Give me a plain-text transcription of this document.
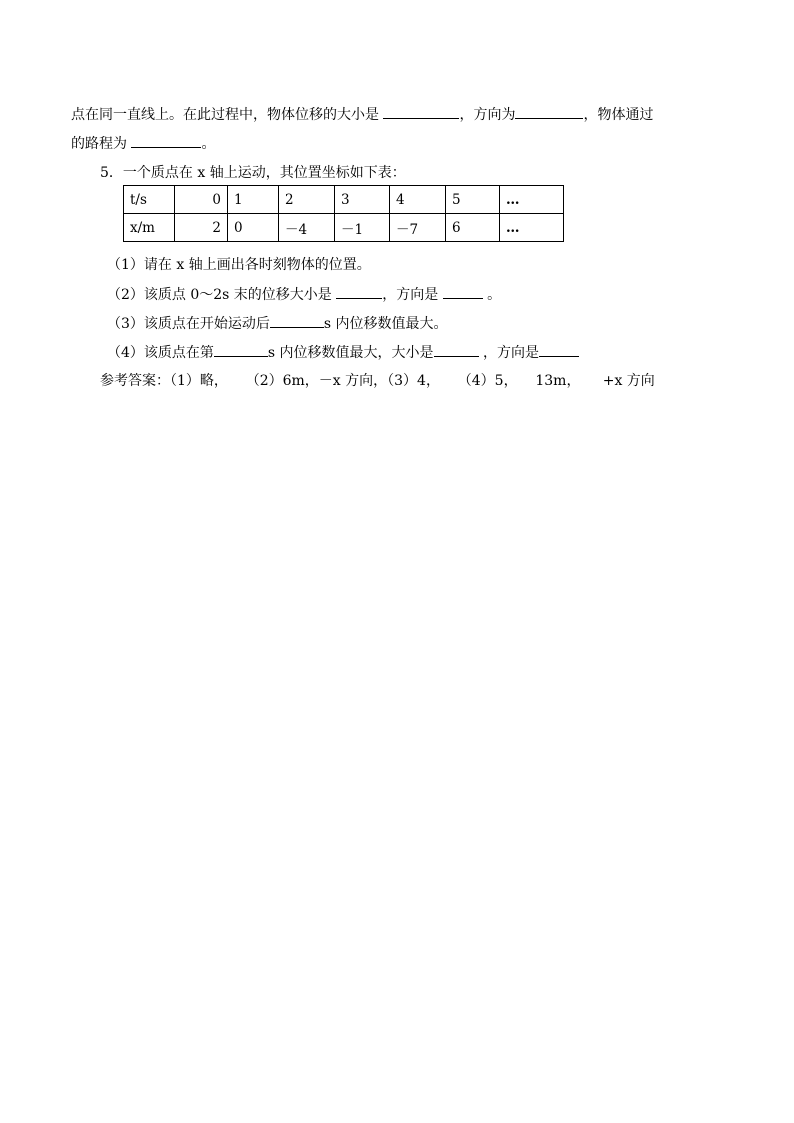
点在同一直线上。在此过程中，物体位移的大小是	，方向为	，物体通过
的路程为	。
5．一个质点在 x 轴上运动，其位置坐标如下表：
t/s	0	1	2	3	4	5	…
x/m	2	0	－4	－1	－7	6	…
（1）请在 x 轴上画出各时刻物体的位置。
（2）该质点 0～2s 末的位移大小是	，方向是	。
（3）该质点在开始运动后	s 内位移数值最大。
（4）该质点在第	s 内位移数值最大，大小是	，方向是
参考答案：（1）略，    （2）6m，－x 方向，（3）4，    （4）5，    13m，     +x 方向
